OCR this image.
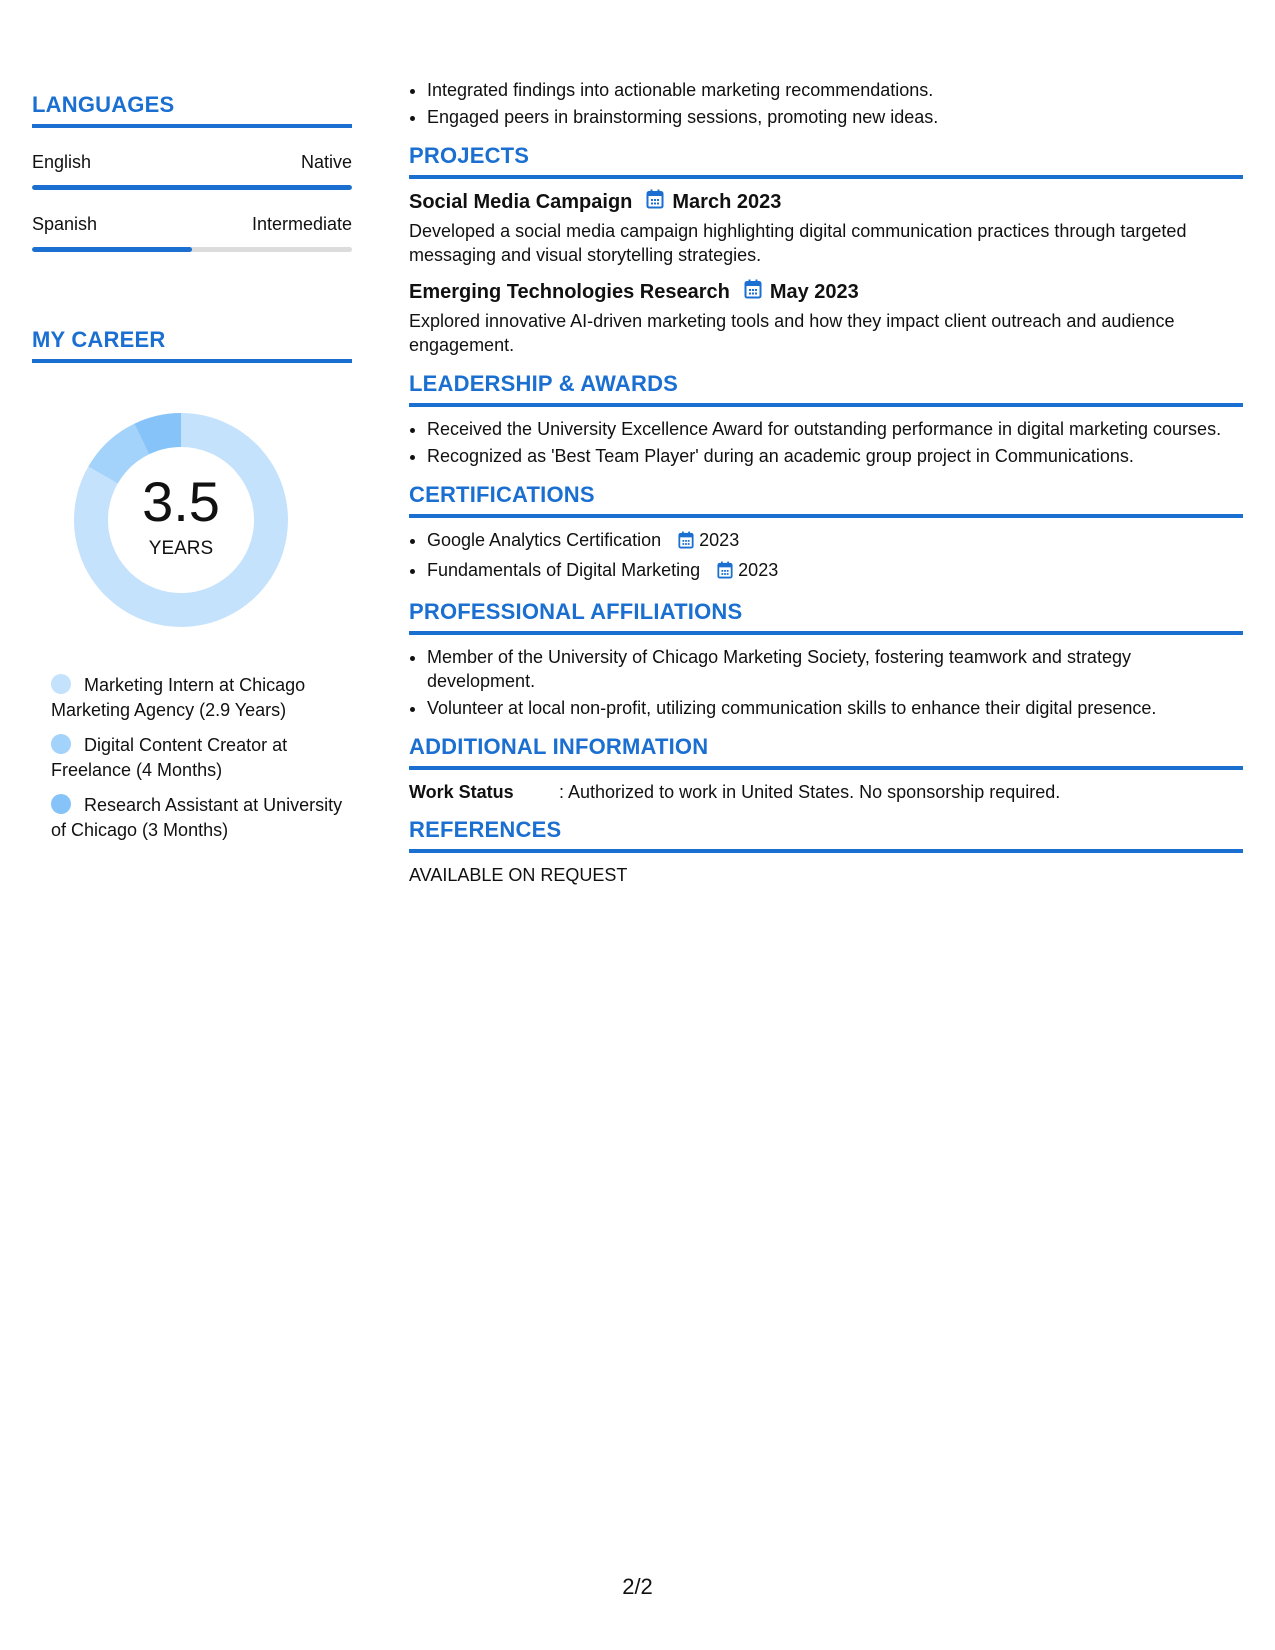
LANGUAGES
English	Native
Spanish	Intermediate
MY CAREER
3.5
YEARS
Marketing Intern at Chicago Marketing Agency (2.9 Years)
Digital Content Creator at Freelance (4 Months)
Research Assistant at University of Chicago (3 Months)
• Integrated findings into actionable marketing recommendations.
• Engaged peers in brainstorming sessions, promoting new ideas.
PROJECTS
Social Media Campaign March 2023
Developed a social media campaign highlighting digital communication practices through targeted messaging and visual storytelling strategies.
Emerging Technologies Research May 2023
Explored innovative AI-driven marketing tools and how they impact client outreach and audience engagement.
LEADERSHIP & AWARDS
• Received the University Excellence Award for outstanding performance in digital marketing courses.
• Recognized as 'Best Team Player' during an academic group project in Communications.
CERTIFICATIONS
• Google Analytics Certification 2023
• Fundamentals of Digital Marketing 2023
PROFESSIONAL AFFILIATIONS
• Member of the University of Chicago Marketing Society, fostering teamwork and strategy development.
• Volunteer at local non-profit, utilizing communication skills to enhance their digital presence.
ADDITIONAL INFORMATION
Work Status	: Authorized to work in United States. No sponsorship required.
REFERENCES
AVAILABLE ON REQUEST
2/2
